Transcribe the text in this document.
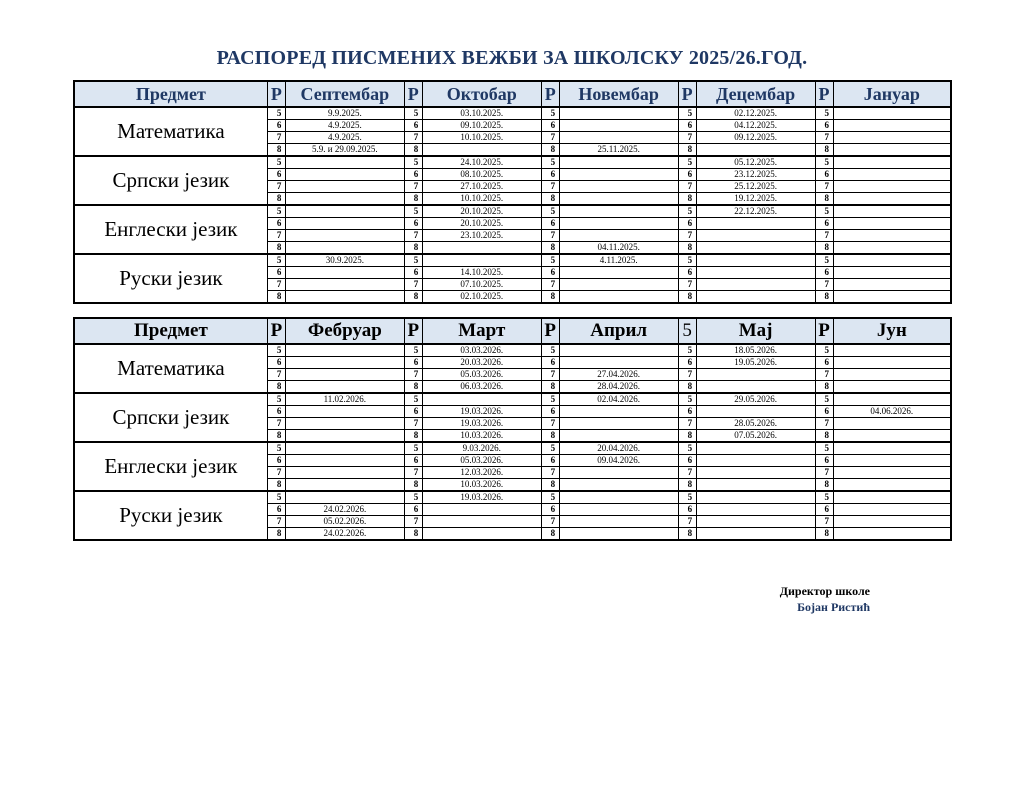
РАСПОРЕД ПИСМЕНИХ ВЕЖБИ ЗА ШКОЛСКУ 2025/26.ГОД.
Предмет	Р	Септембар	Р	Октобар	Р	Новембар	Р	Децембар	Р	Јануар
Математика	5	9.9.2025.	5	03.10.2025.	5		5	02.12.2025.	5	
	6	4.9.2025.	6	09.10.2025.	6		6	04.12.2025.	6	
	7	4.9.2025.	7	10.10.2025.	7		7	09.12.2025.	7	
	8	5.9. и 29.09.2025.	8		8	25.11.2025.	8		8	
Српски језик	5		5	24.10.2025.	5		5	05.12.2025.	5	
	6		6	08.10.2025.	6		6	23.12.2025.	6	
	7		7	27.10.2025.	7		7	25.12.2025.	7	
	8		8	10.10.2025.	8		8	19.12.2025.	8	
Енглески језик	5		5	20.10.2025.	5		5	22.12.2025.	5	
	6		6	20.10.2025.	6		6		6	
	7		7	23.10.2025.	7		7		7	
	8		8		8	04.11.2025.	8		8	
Руски језик	5	30.9.2025.	5		5	4.11.2025.	5		5	
	6		6	14.10.2025.	6		6		6	
	7		7	07.10.2025.	7		7		7	
	8		8	02.10.2025.	8		8		8	
Предмет	Р	Фебруар	Р	Март	Р	Април	5	Мај	Р	Јун
Математика	5		5	03.03.2026.	5		5	18.05.2026.	5	
	6		6	20.03.2026.	6		6	19.05.2026.	6	
	7		7	05.03.2026.	7	27.04.2026.	7		7	
	8		8	06.03.2026.	8	28.04.2026.	8		8	
Српски језик	5	11.02.2026.	5		5	02.04.2026.	5	29.05.2026.	5	
	6		6	19.03.2026.	6		6		6	04.06.2026.
	7		7	19.03.2026.	7		7	28.05.2026.	7	
	8		8	10.03.2026.	8		8	07.05.2026.	8	
Енглески језик	5		5	9.03.2026.	5	20.04.2026.	5		5	
	6		6	05.03.2026.	6	09.04.2026.	6		6	
	7		7	12.03.2026.	7		7		7	
	8		8	10.03.2026.	8		8		8	
Руски језик	5		5	19.03.2026.	5		5		5	
	6	24.02.2026.	6		6		6		6	
	7	05.02.2026.	7		7		7		7	
	8	24.02.2026.	8		8		8		8	
Директор школе
Бојан Ристић
